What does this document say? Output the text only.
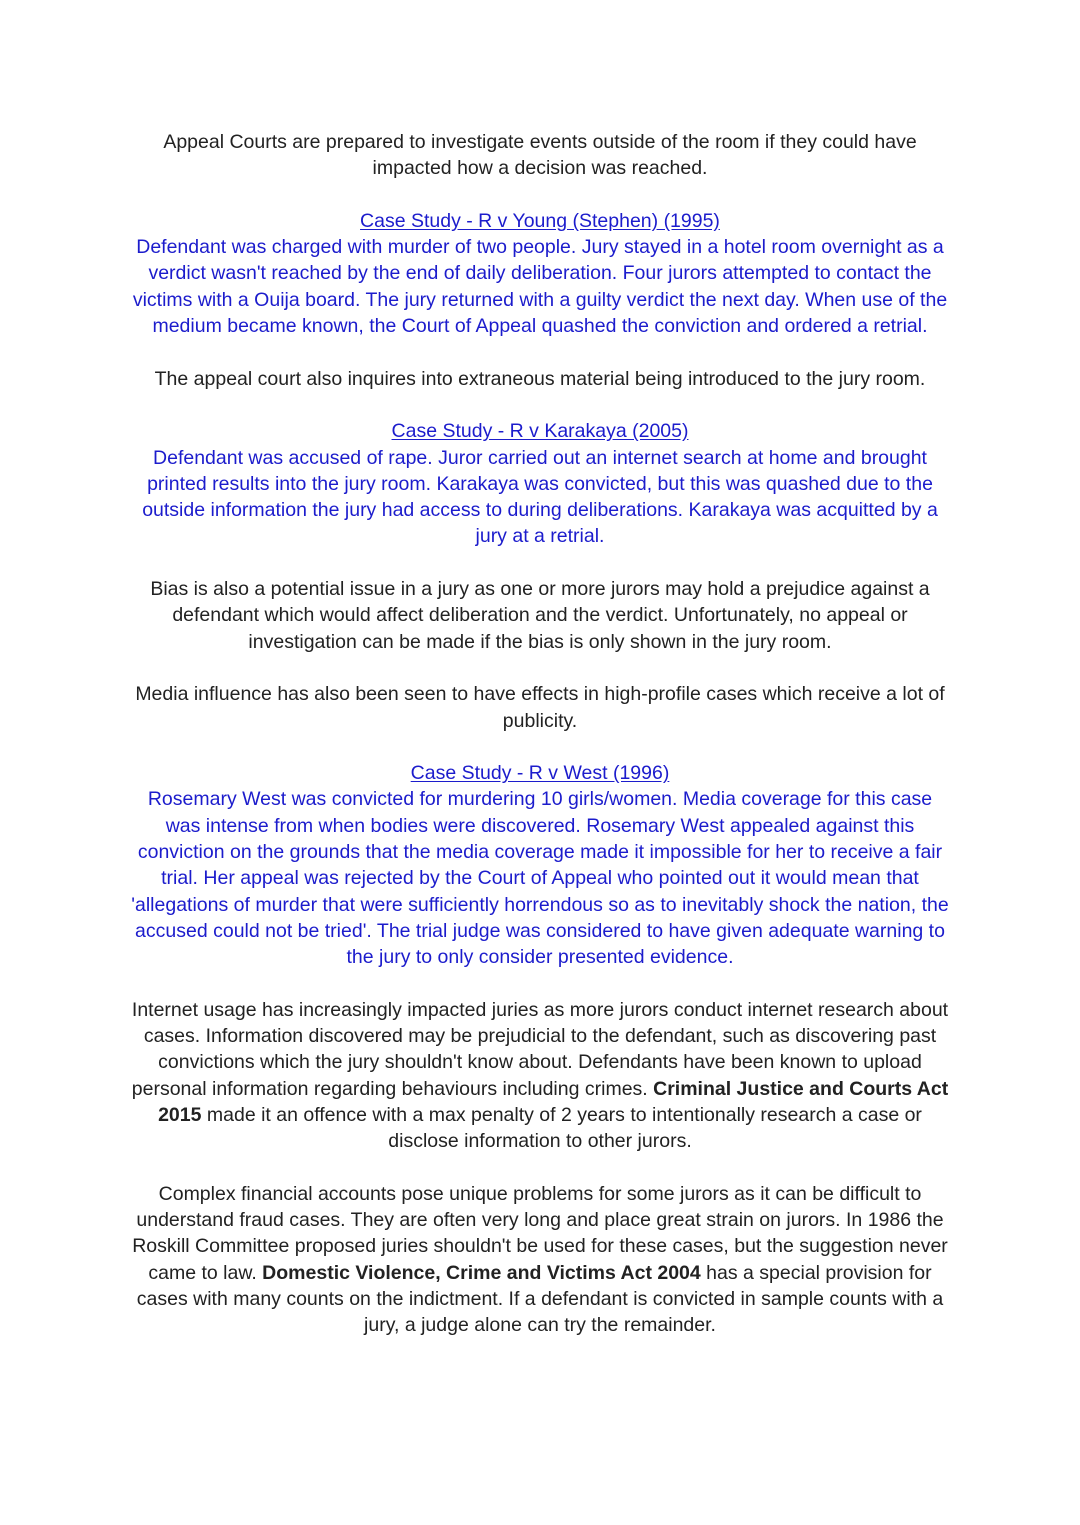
Appeal Courts are prepared to investigate events outside of the room if they could have impacted how a decision was reached.

Case Study - R v Young (Stephen) (1995)
Defendant was charged with murder of two people. Jury stayed in a hotel room overnight as a verdict wasn't reached by the end of daily deliberation. Four jurors attempted to contact the victims with a Ouija board. The jury returned with a guilty verdict the next day. When use of the medium became known, the Court of Appeal quashed the conviction and ordered a retrial.

The appeal court also inquires into extraneous material being introduced to the jury room.

Case Study - R v Karakaya (2005)
Defendant was accused of rape. Juror carried out an internet search at home and brought printed results into the jury room. Karakaya was convicted, but this was quashed due to the outside information the jury had access to during deliberations. Karakaya was acquitted by a jury at a retrial.

Bias is also a potential issue in a jury as one or more jurors may hold a prejudice against a defendant which would affect deliberation and the verdict. Unfortunately, no appeal or investigation can be made if the bias is only shown in the jury room.

Media influence has also been seen to have effects in high-profile cases which receive a lot of publicity.

Case Study - R v West (1996)
Rosemary West was convicted for murdering 10 girls/women. Media coverage for this case was intense from when bodies were discovered. Rosemary West appealed against this conviction on the grounds that the media coverage made it impossible for her to receive a fair trial. Her appeal was rejected by the Court of Appeal who pointed out it would mean that 'allegations of murder that were sufficiently horrendous so as to inevitably shock the nation, the accused could not be tried'. The trial judge was considered to have given adequate warning to the jury to only consider presented evidence.

Internet usage has increasingly impacted juries as more jurors conduct internet research about cases. Information discovered may be prejudicial to the defendant, such as discovering past convictions which the jury shouldn't know about. Defendants have been known to upload personal information regarding behaviours including crimes. Criminal Justice and Courts Act 2015 made it an offence with a max penalty of 2 years to intentionally research a case or disclose information to other jurors.

Complex financial accounts pose unique problems for some jurors as it can be difficult to understand fraud cases. They are often very long and place great strain on jurors. In 1986 the Roskill Committee proposed juries shouldn't be used for these cases, but the suggestion never came to law. Domestic Violence, Crime and Victims Act 2004 has a special provision for cases with many counts on the indictment. If a defendant is convicted in sample counts with a jury, a judge alone can try the remainder.
